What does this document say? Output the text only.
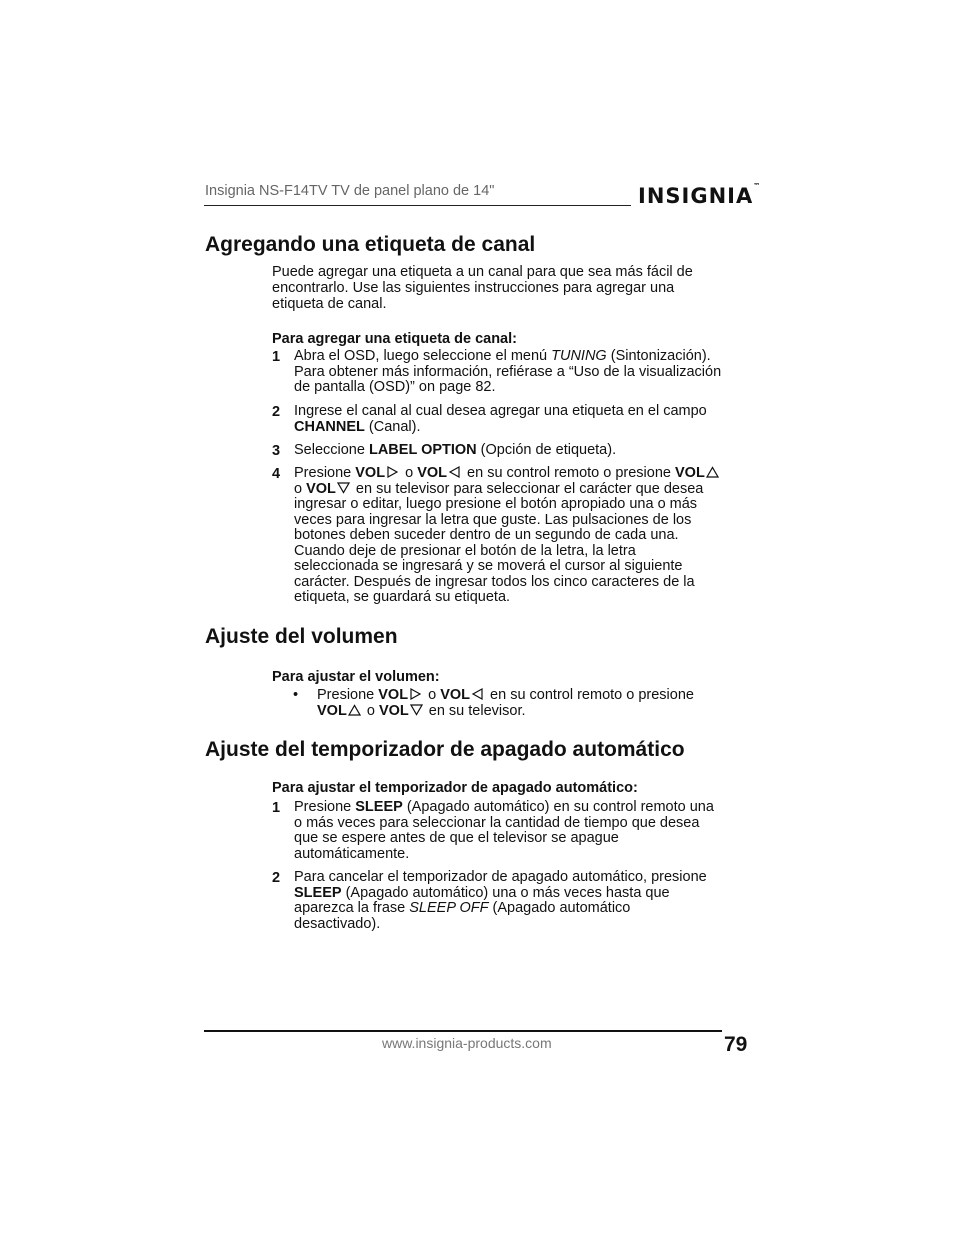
Insignia NS-F14TV TV de panel plano de 14"	INSIGNIA™
Agregando una etiqueta de canal
Puede agregar una etiqueta a un canal para que sea más fácil de
encontrarlo. Use las siguientes instrucciones para agregar una
etiqueta de canal.
Para agregar una etiqueta de canal:
1 Abra el OSD, luego seleccione el menú TUNING (Sintonización).
Para obtener más información, refiérase a “Uso de la visualización
de pantalla (OSD)” on page 82.
2 Ingrese el canal al cual desea agregar una etiqueta en el campo
CHANNEL (Canal).
3 Seleccione LABEL OPTION (Opción de etiqueta).
4 Presione VOL o VOL en su control remoto o presione VOL
o VOL en su televisor para seleccionar el carácter que desea
ingresar o editar, luego presione el botón apropiado una o más
veces para ingresar la letra que guste. Las pulsaciones de los
botones deben suceder dentro de un segundo de cada una.
Cuando deje de presionar el botón de la letra, la letra
seleccionada se ingresará y se moverá el cursor al siguiente
carácter. Después de ingresar todos los cinco caracteres de la
etiqueta, se guardará su etiqueta.
Ajuste del volumen
Para ajustar el volumen:
• Presione VOL o VOL en su control remoto o presione
VOL o VOL en su televisor.
Ajuste del temporizador de apagado automático
Para ajustar el temporizador de apagado automático:
1 Presione SLEEP (Apagado automático) en su control remoto una
o más veces para seleccionar la cantidad de tiempo que desea
que se espere antes de que el televisor se apague
automáticamente.
2 Para cancelar el temporizador de apagado automático, presione
SLEEP (Apagado automático) una o más veces hasta que
aparezca la frase SLEEP OFF (Apagado automático
desactivado).
www.insignia-products.com	79
